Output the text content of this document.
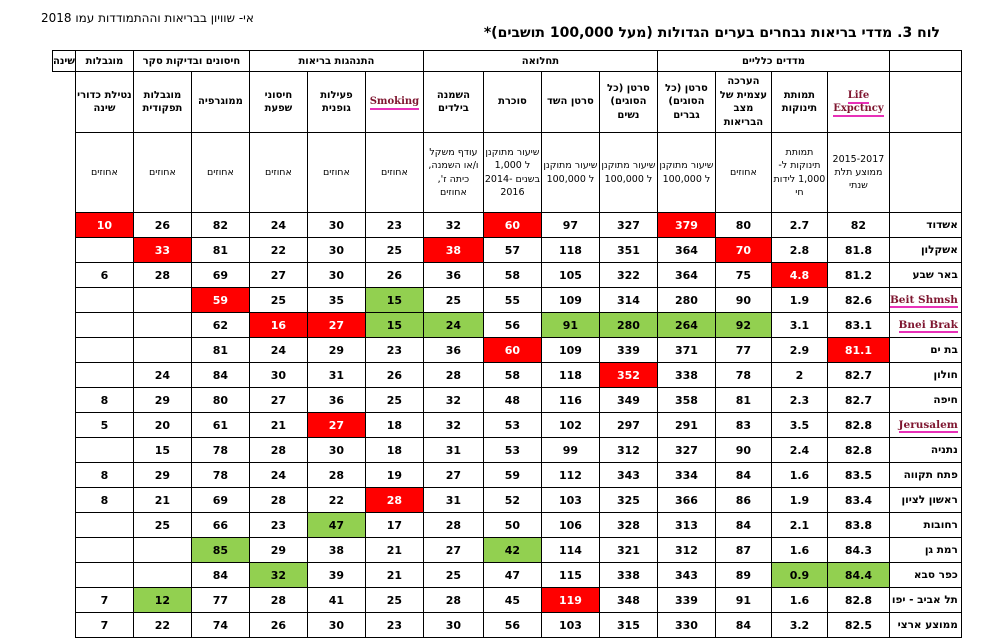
אי- שוויון בבריאות וההתמודדות עמו 2018
לוח 3. מדדי בריאות נבחרים בערים הגדולות (מעל 100,000 תושבים)*
	מדדים כלליים				תחלואה				התנהגות בריאות			חיסונים ובדיקות סקר		מוגבלות	שינה
	Life Expctncy	תמותת תינוקות	הערכה עצמית של מצב הבריאות	סרטן (כל הסוגים) גברים	סרטן (כל הסוגים) נשים	סרטן השד	סוכרת	השמנה בילדים	Smoking	פעילות גופנית	חיסוני שפעת	ממוגרפיה	מוגבלות תפקודית	נטילת כדורי שינה	
	2015-2017 ממוצע תלת שנתי	תמותת תינוקות ל- 1,000 לידות חי	אחוזים	שיעור מתוקנן ל 100,000	שיעור מתוקנן ל 100,000	שיעור מתוקנן ל 100,000	שיעור מתוקנן ל 1,000 בשנים 2014-2016	עודף משקל ו/או השמנה, כיתה ז', אחוזים	אחוזים	אחוזים	אחוזים	אחוזים	אחוזים	אחוזים	
אשדוד	82	2.7	80	379	327	97	60	32	23	30	24	82	26	10	
אשקלון	81.8	2.8	70	364	351	118	57	38	25	30	22	81	33		
באר שבע	81.2	4.8	75	364	322	105	58	36	26	30	27	69	28	6	
Beit Shmsh	82.6	1.9	90	280	314	109	55	25	15	35	25	59			
Bnei Brak	83.1	3.1	92	264	280	91	56	24	15	27	16	62			
בת ים	81.1	2.9	77	371	339	109	60	36	23	29	24	81			
חולון	82.7	2	78	338	352	118	58	28	26	31	30	84	24		
חיפה	82.7	2.3	81	358	349	116	48	32	25	36	27	80	29	8	
Jerusalem	82.8	3.5	83	291	297	102	53	32	18	27	21	61	20	5	
נתניה	82.8	2.4	90	327	312	99	53	31	18	30	28	78	15		
פתח תקווה	83.5	1.6	84	334	343	112	59	27	19	28	24	78	29	8	
ראשון לציון	83.4	1.9	86	366	325	103	52	31	28	22	28	69	21	8	
רחובות	83.8	2.1	84	313	328	106	50	28	17	47	23	66	25		
רמת גן	84.3	1.6	87	312	321	114	42	27	21	38	29	85			
כפר סבא	84.4	0.9	89	343	338	115	47	25	21	39	32	84			
תל אביב - יפו	82.8	1.6	91	339	348	119	45	28	25	41	28	77	12	7	
ממוצע ארצי	82.5	3.2	84	330	315	103	56	30	23	30	26	74	22	7	
